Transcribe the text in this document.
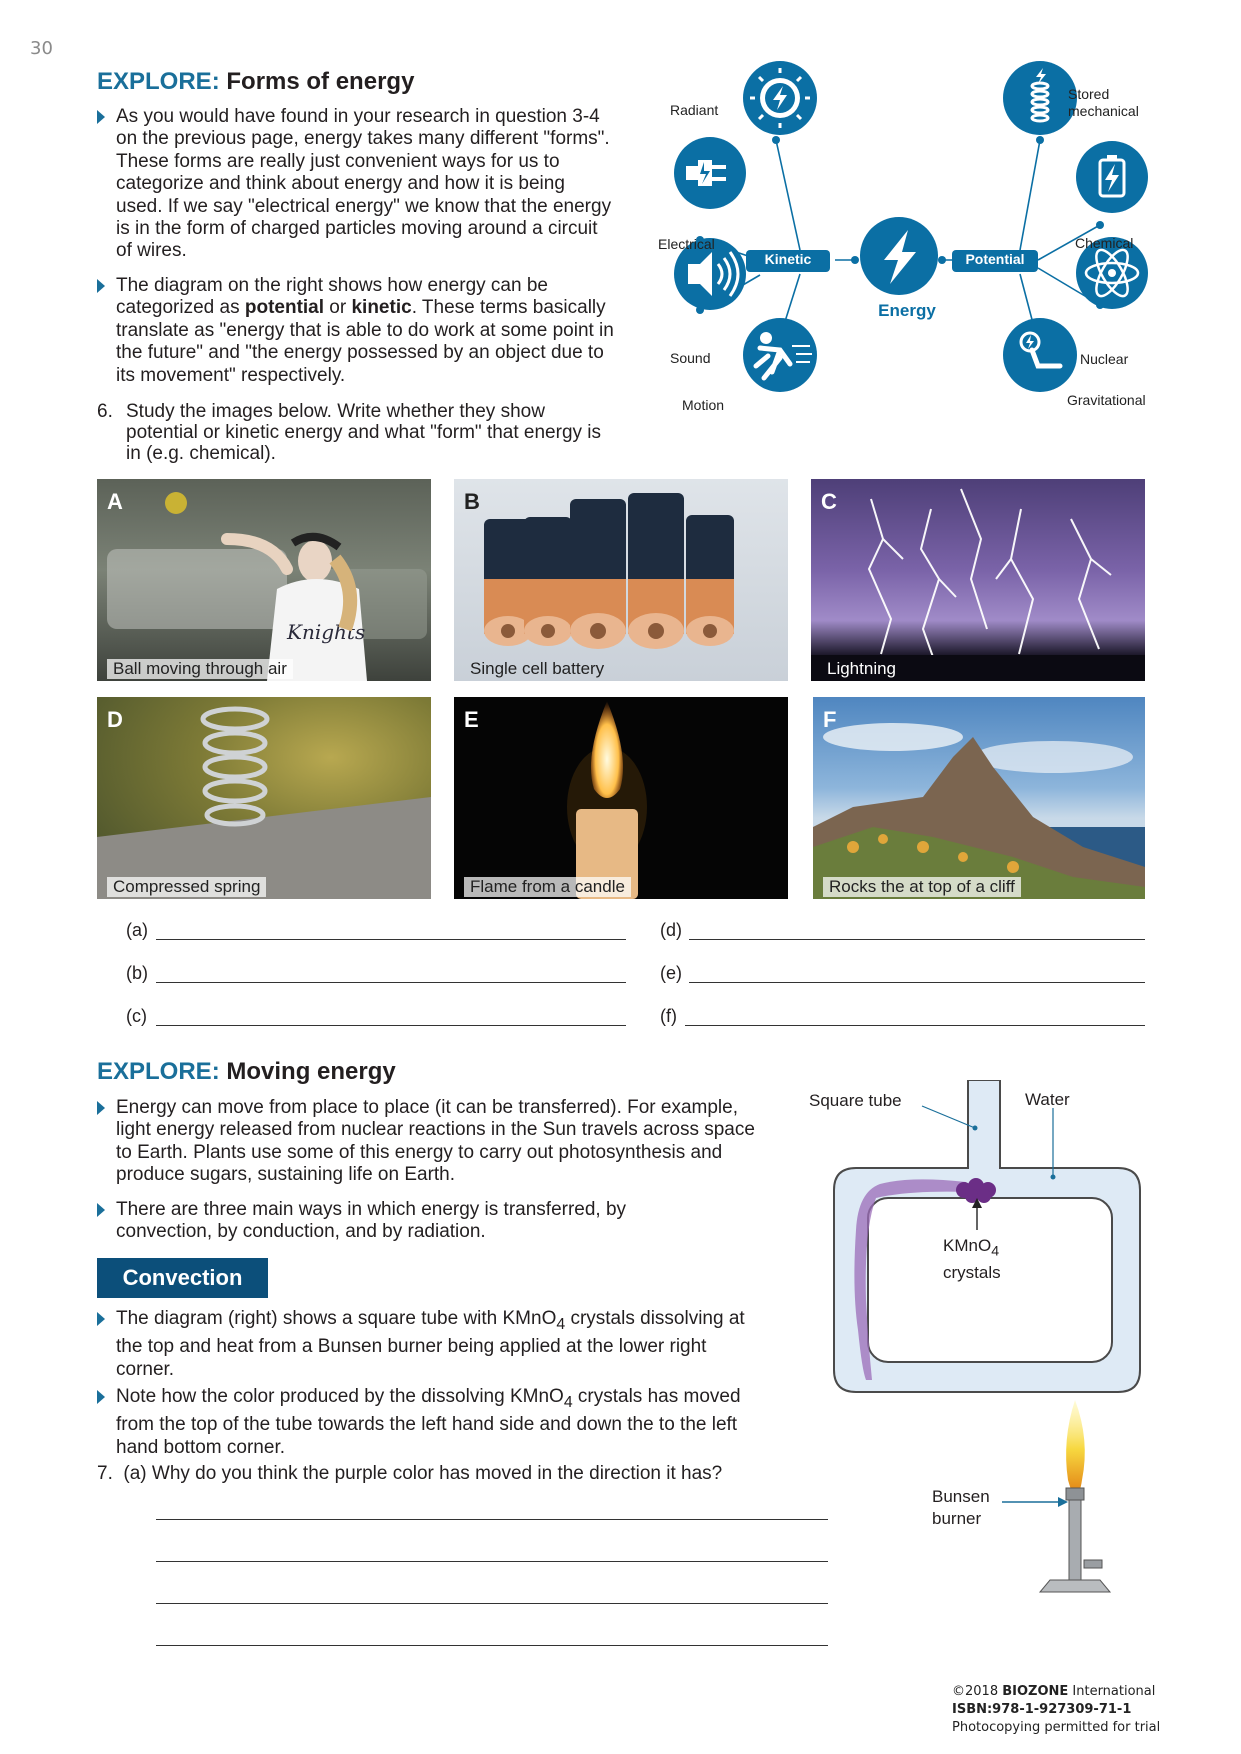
30
EXPLORE: Forms of energy
As you would have found in your research in question 3-4 on the previous page, energy takes many different "forms". These forms are really just convenient ways for us to categorize and think about energy and how it is being used. If we say "electrical energy" we know that the energy is in the form of charged particles moving around a circuit of wires.
The diagram on the right shows how energy can be categorized as potential or kinetic. These terms basically translate as "energy that is able to do work at some point in the future" and "the energy possessed by an object due to its movement" respectively.
6. Study the images below. Write whether they show potential or kinetic energy and what "form" that energy is in (e.g. chemical).
Kinetic	Potential
Energy
Radiant
Electrical
Sound
Motion
Stored mechanical
Chemical
Nuclear
Gravitational
Knights
A
Ball moving through air
B
Single cell battery
C
Lightning
D
Compressed spring
E
Flame from a candle
F
Rocks the at top of a cliff
(a)
(b)
(c)
(d)
(e)
(f)
EXPLORE: Moving energy
Energy can move from place to place (it can be transferred). For example, light energy released from nuclear reactions in the Sun travels across space to Earth. Plants use some of this energy to carry out photosynthesis and produce sugars, sustaining life on Earth.
There are three main ways in which energy is transferred, by convection, by conduction, and by radiation.
Convection
The diagram (right) shows a square tube with KMnO$_4$ crystals dissolving at the top and heat from a Bunsen burner being applied at the lower right corner.
Note how the color produced by the dissolving KMnO$_4$ crystals has moved from the top of the tube towards the left hand side and down the to the left hand bottom corner.
7.  (a) Why do you think the purple color has moved in the direction it has?
Square tube	Water
KMnO$_4$
crystals
Bunsen
burner
©2018 BIOZONE International
ISBN:978-1-927309-71-1
Photocopying permitted for trial
